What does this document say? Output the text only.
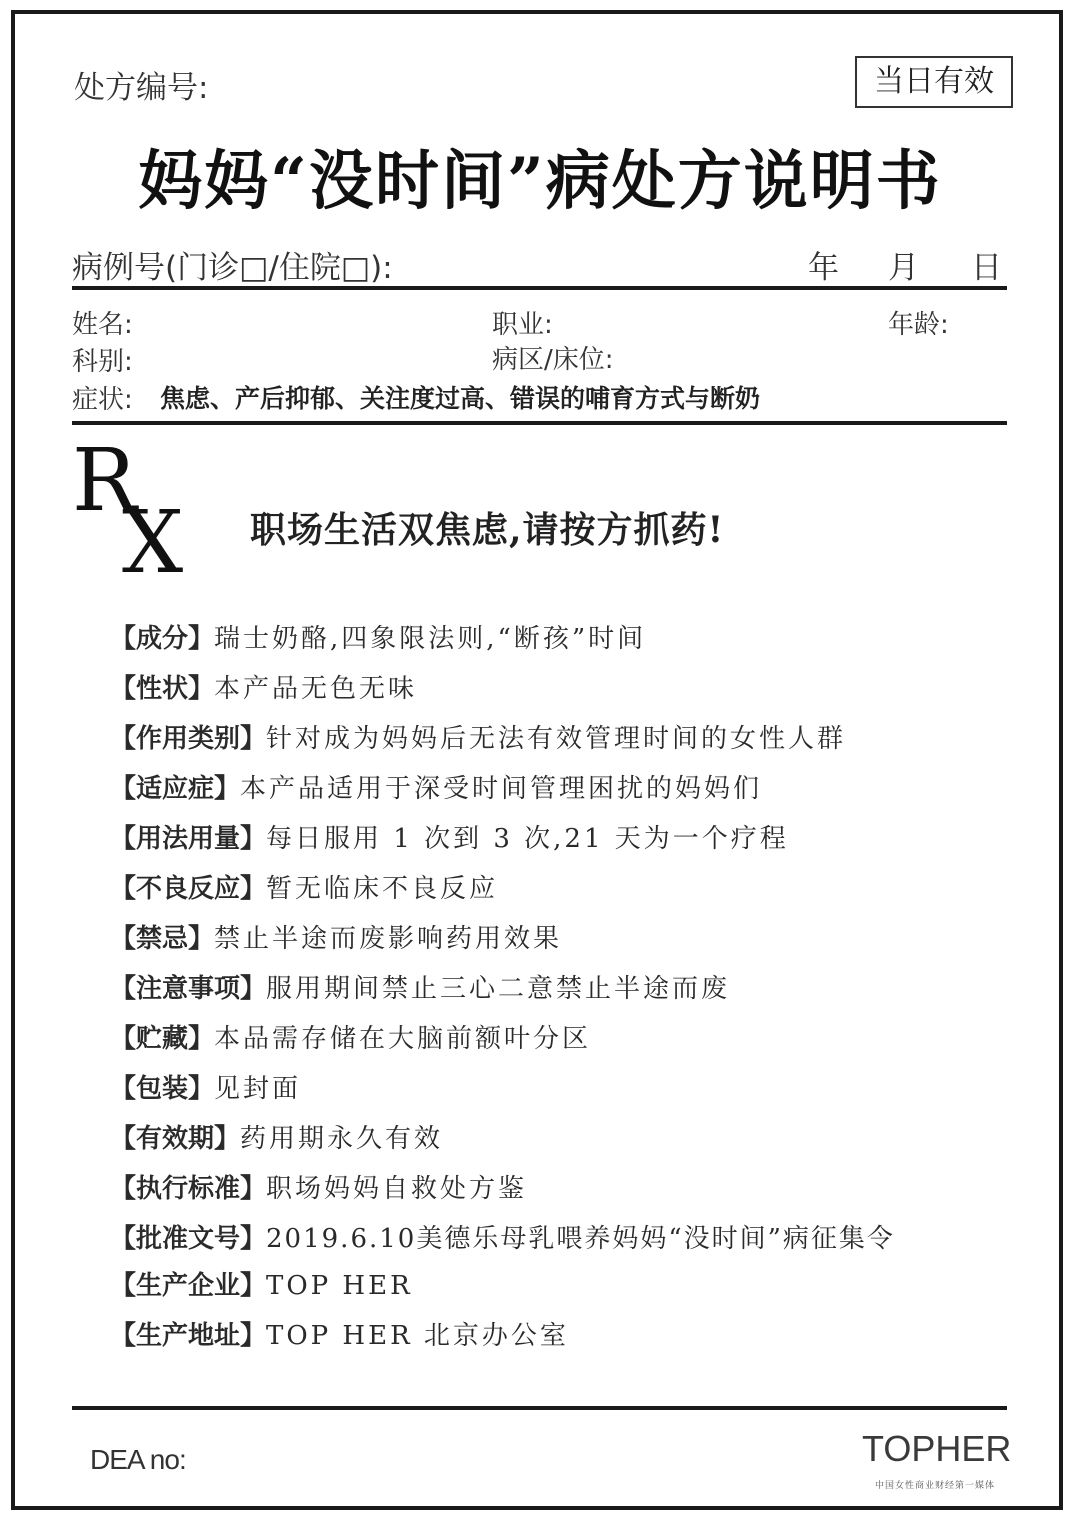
处方编号:	当日有效
妈妈“没时间”病处方说明书
病例号(门诊□/住院□):	年 月 日
姓名:	职业:	年龄:
科别:	病区/床位:
症状: 焦虑、产后抑郁、关注度过高、错误的哺育方式与断奶
R
X 职场生活双焦虑,请按方抓药!
【成分】瑞士奶酪,四象限法则,“断孩”时间
【性状】本产品无色无味
【作用类别】针对成为妈妈后无法有效管理时间的女性人群
【适应症】本产品适用于深受时间管理困扰的妈妈们
【用法用量】每日服用 1 次到 3 次,21 天为一个疗程
【不良反应】暂无临床不良反应
【禁忌】禁止半途而废影响药用效果
【注意事项】服用期间禁止三心二意禁止半途而废
【贮藏】本品需存储在大脑前额叶分区
【包装】见封面
【有效期】药用期永久有效
【执行标准】职场妈妈自救处方鉴
【批准文号】2019.6.10美德乐母乳喂养妈妈“没时间”病征集令
【生产企业】TOP HER
【生产地址】TOP HER 北京办公室
DEA no:	TOPHER
中国女性商业财经第一媒体
